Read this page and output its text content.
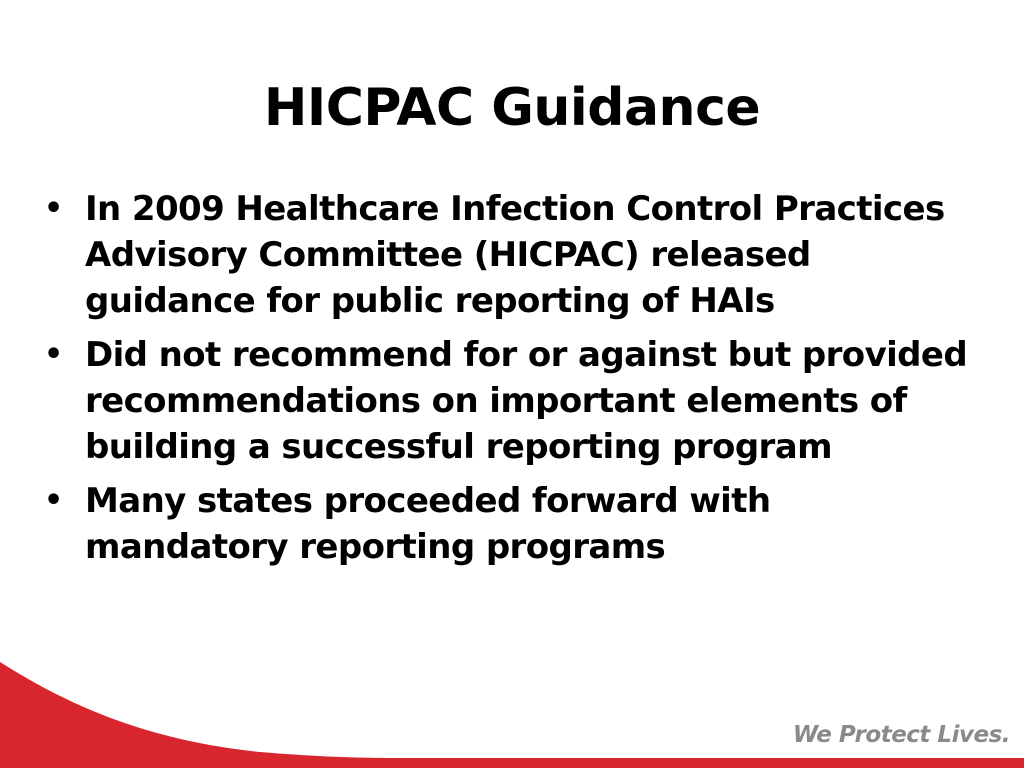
HICPAC Guidance
• In 2009 Healthcare Infection Control Practices Advisory Committee (HICPAC) released guidance for public reporting of HAIs
• Did not recommend for or against but provided recommendations on important elements of building a successful reporting program
• Many states proceeded forward with mandatory reporting programs
We Protect Lives.
